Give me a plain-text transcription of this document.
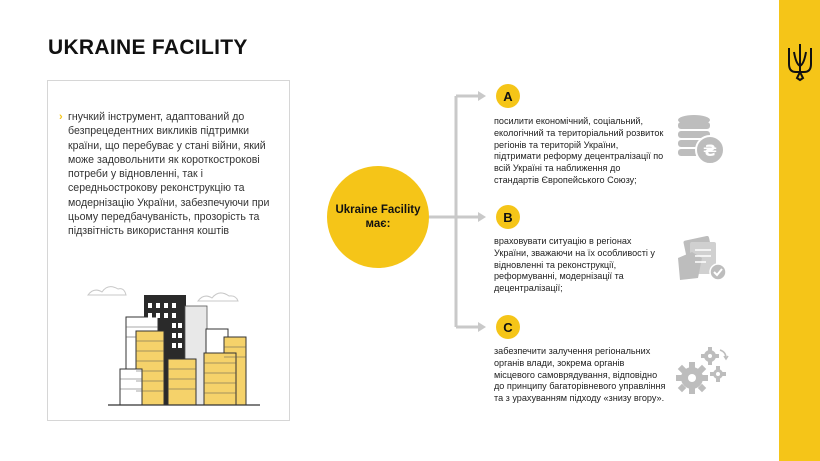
UKRAINE FACILITY
› гнучкий інструмент, адаптований до безпрецедентних викликів підтримки країни, що перебуває у стані війни, який може задовольнити як короткострокові потреби у відновленні, так і середньострокову реконструкцію та модернізацію України, забезпечуючи при цьому передбачуваність, прозорість та підзвітність використання коштів
Ukraine Facility
має:
A
посилити економічний, соціальний, екологічний та територіальний розвиток регіонів та територій України, підтримати реформу децентралізації по всій Україні та наближення до стандартів Європейського Союзу;
₴
B
враховувати ситуацію в регіонах України, зважаючи на їх особливості у відновленні та реконструкції, реформуванні, модернізації та децентралізації;
C
забезпечити залучення регіональних органів влади, зокрема органів місцевого самоврядування, відповідно до принципу багаторівневого управління та з урахуванням підходу «знизу вгору».
